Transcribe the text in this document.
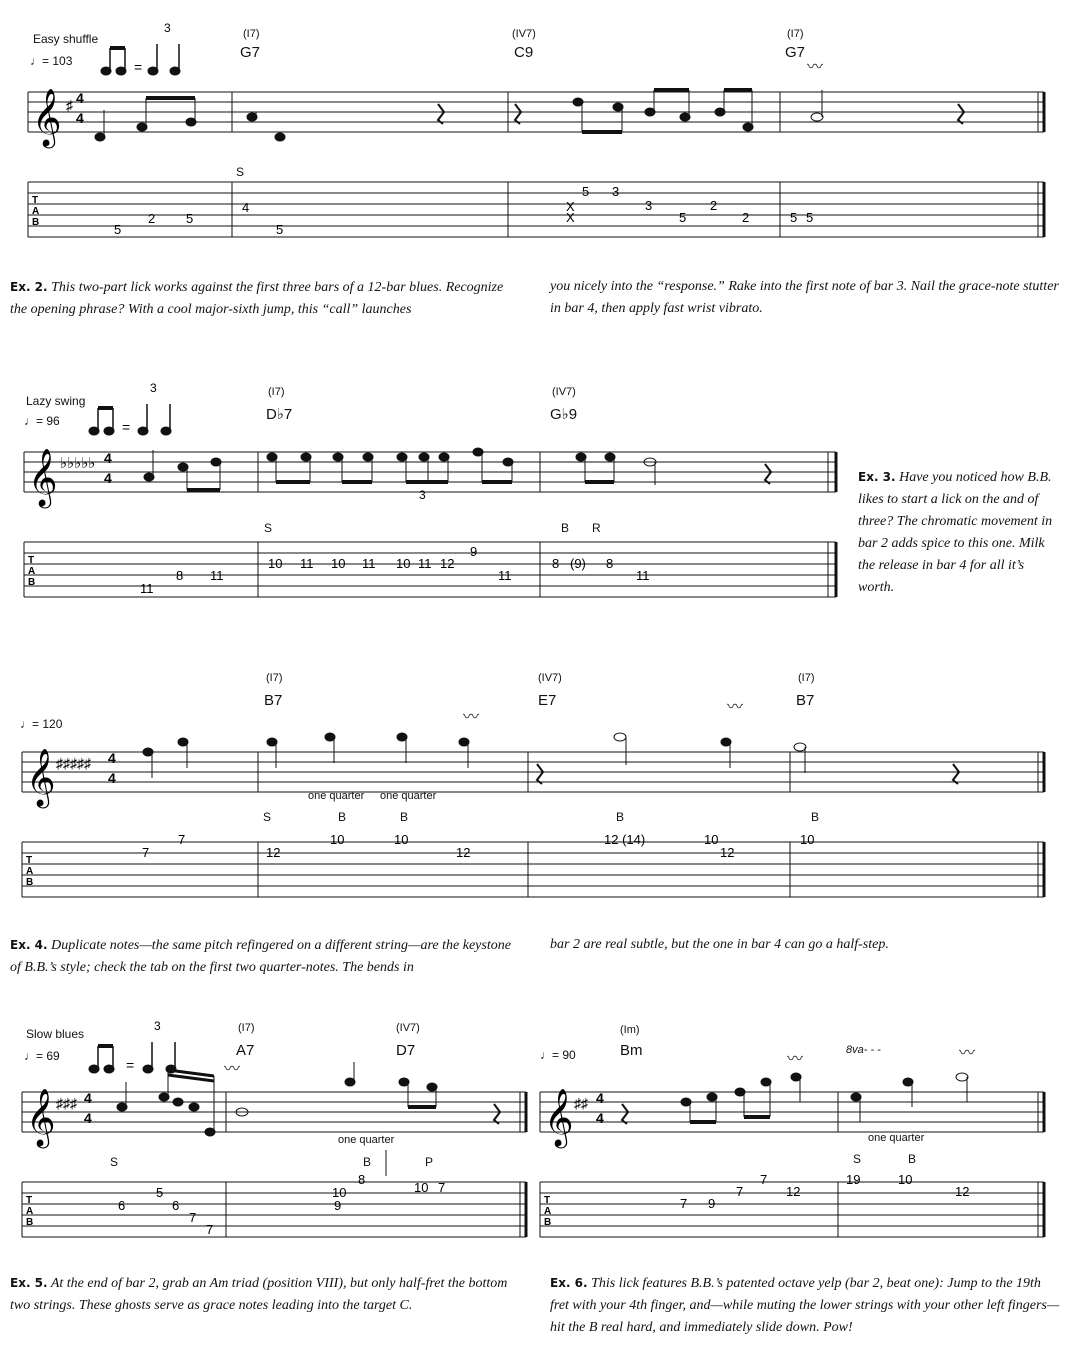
Easy shuffle
♩= 103
(I7)
G7
(IV7)
C9
(I7)
G7
S
𝄞 ♯ 4
4
T
A
B
=
3
〰
2
5
5
4
5
5 3
X
X
3
5
2
2	5 5
Ex. 2. This two-part lick works against the first three bars of a 12-bar blues. Recognize the opening phrase? With a cool major-sixth jump, this “call” launches
you nicely into the “response.” Rake into the first note of bar 3. Nail the grace-note stutter in bar 4, then apply fast wrist vibrato.
Lazy swing
♩= 96
(I7)
D♭7
(IV7)
G♭9
S	B R
𝄞 ♭♭♭♭♭ 4
4
T
A
B
=
3
3
11
8 11
10 11 10 11 10 11 12
9
11
8 (9) 8
11
Ex. 3. Have you noticed how B.B. likes to start a lick on the and of three? The chromatic movement in bar 2 adds spice to this one. Milk the release in bar 4 for all it’s worth.
♩= 120
(I7)
B7
(IV7)
E7
(I7)
B7
one quarter one quarter
S	B	B	B	B
𝄞 ♯♯♯♯♯ 4
4
T
A
B
〰
〰
7
7
12
10	10
12
12 (14)	10
12
10
Ex. 4. Duplicate notes—the same pitch refingered on a different string—are the keystone of B.B.’s style; check the tab on the first two quarter-notes. The bends in
bar 2 are real subtle, but the one in bar 4 can go a half-step.
Slow blues
♩= 69
(I7)
A7
(IV7)
D7
one quarter
S	B	P
♩= 90
(Im)
Bm	8va- - -
one quarter
S	B
𝄞 ♯♯♯ 4
4
T
A
B
𝄞 ♯♯ 4
4
T
A
B
=
3
〰
〰	〰
6
5
6
7
7
10
9
8
10 7
7 9
7
7
12
19	10
12
Ex. 5. At the end of bar 2, grab an Am triad (position VIII), but only half-fret the bottom two strings. These ghosts serve as grace notes leading into the target C.
Ex. 6. This lick features B.B.’s patented octave yelp (bar 2, beat one): Jump to the 19th fret with your 4th finger, and—while muting the lower strings with your other left fingers—hit the B real hard, and immediately slide down. Pow!
